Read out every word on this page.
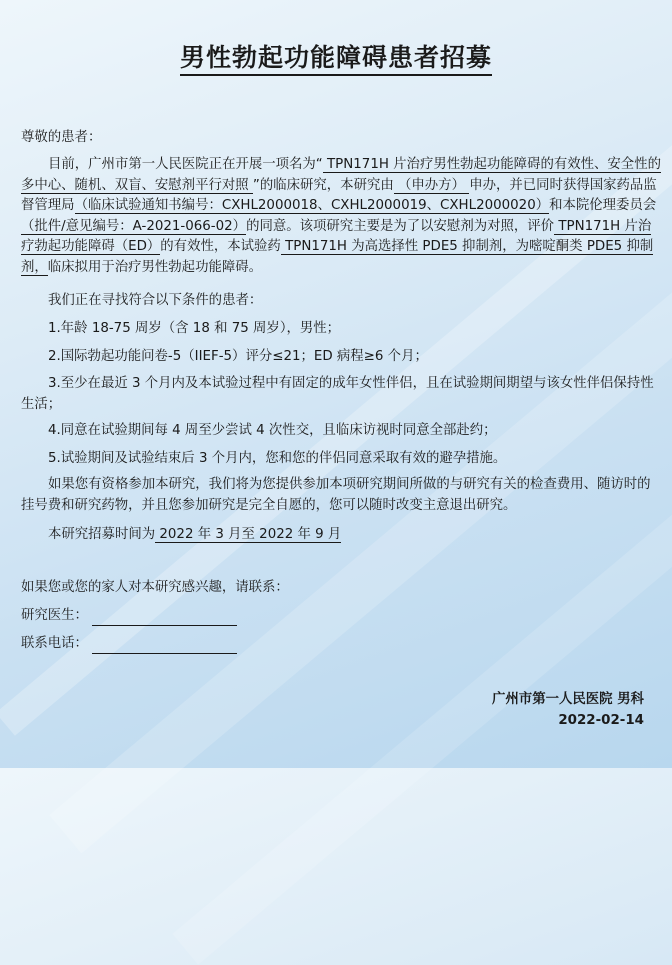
男性勃起功能障碍患者招募
尊敬的患者：
目前，广州市第一人民医院正在开展一项名为“ TPN171H 片治疗男性勃起功能障碍的有效性、安全性的多中心、随机、双盲、安慰剂平行对照 ”的临床研究，本研究由 （申办方） 申办，并已同时获得国家药品监督管理局（临床试验通知书编号：CXHL2000018、CXHL2000019、CXHL2000020）和本院伦理委员会（批件/意见编号：A-2021-066-02）的同意。该项研究主要是为了以安慰剂为对照，评价 TPN171H 片治疗勃起功能障碍（ED）的有效性，本试验药 TPN171H 为高选择性 PDE5 抑制剂，为嘧啶酮类 PDE5 抑制剂，临床拟用于治疗男性勃起功能障碍。
我们正在寻找符合以下条件的患者：
1.年龄 18-75 周岁（含 18 和 75 周岁），男性；
2.国际勃起功能问卷-5（IIEF-5）评分≤21；ED 病程≥6 个月；
3.至少在最近 3 个月内及本试验过程中有固定的成年女性伴侣，且在试验期间期望与该女性伴侣保持性生活；
4.同意在试验期间每 4 周至少尝试 4 次性交，且临床访视时同意全部赴约；
5.试验期间及试验结束后 3 个月内，您和您的伴侣同意采取有效的避孕措施。
如果您有资格参加本研究，我们将为您提供参加本项研究期间所做的与研究有关的检查费用、随访时的挂号费和研究药物，并且您参加研究是完全自愿的，您可以随时改变主意退出研究。
本研究招募时间为 2022 年 3 月至 2022 年 9 月
如果您或您的家人对本研究感兴趣，请联系：
研究医生：
联系电话：
广州市第一人民医院 男科
2022-02-14
